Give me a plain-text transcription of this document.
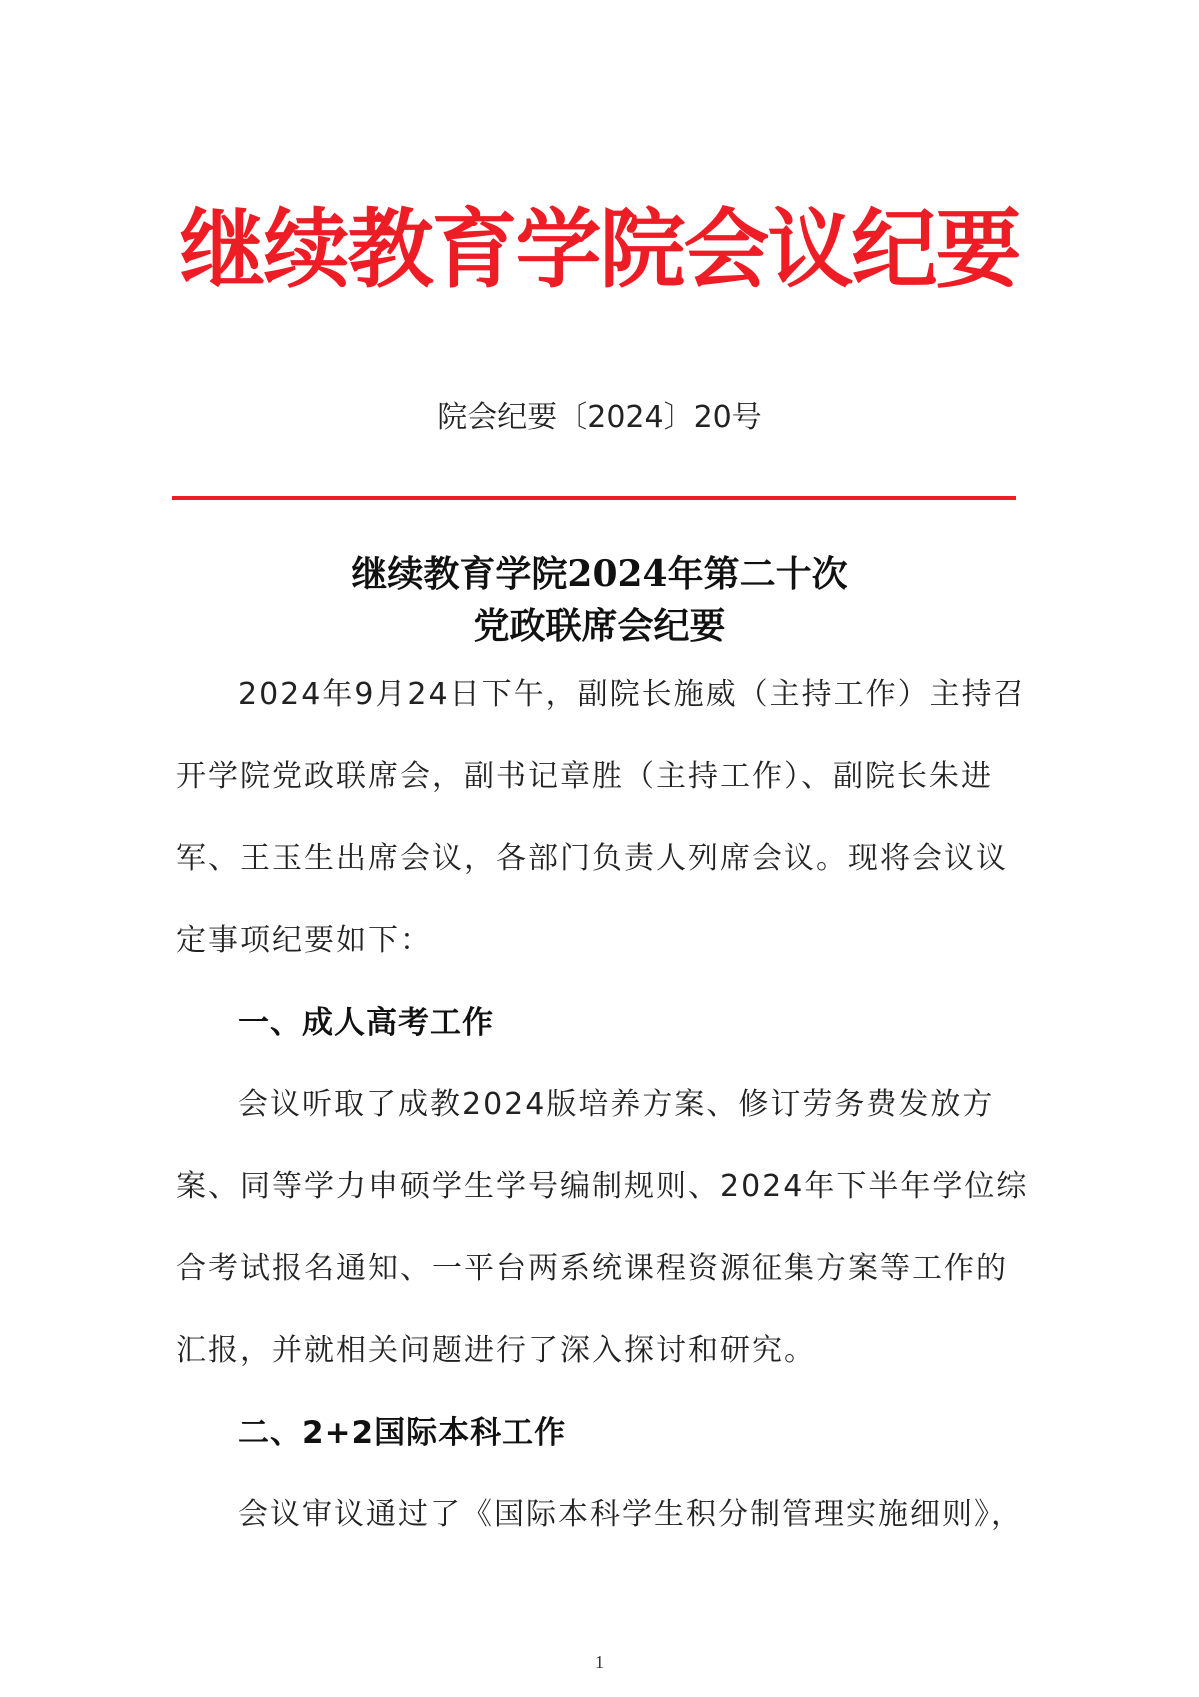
继续教育学院会议纪要
院会纪要〔2024〕20号
继续教育学院2024年第二十次
党政联席会纪要

2024年9月24日下午，副院长施威（主持工作）主持召开学院党政联席会，副书记章胜（主持工作）、副院长朱进军、王玉生出席会议，各部门负责人列席会议。现将会议议定事项纪要如下：

一、成人高考工作

会议听取了成教2024版培养方案、修订劳务费发放方案、同等学力申硕学生学号编制规则、2024年下半年学位综合考试报名通知、一平台两系统课程资源征集方案等工作的汇报，并就相关问题进行了深入探讨和研究。

二、2+2国际本科工作

会议审议通过了《国际本科学生积分制管理实施细则》，

1
